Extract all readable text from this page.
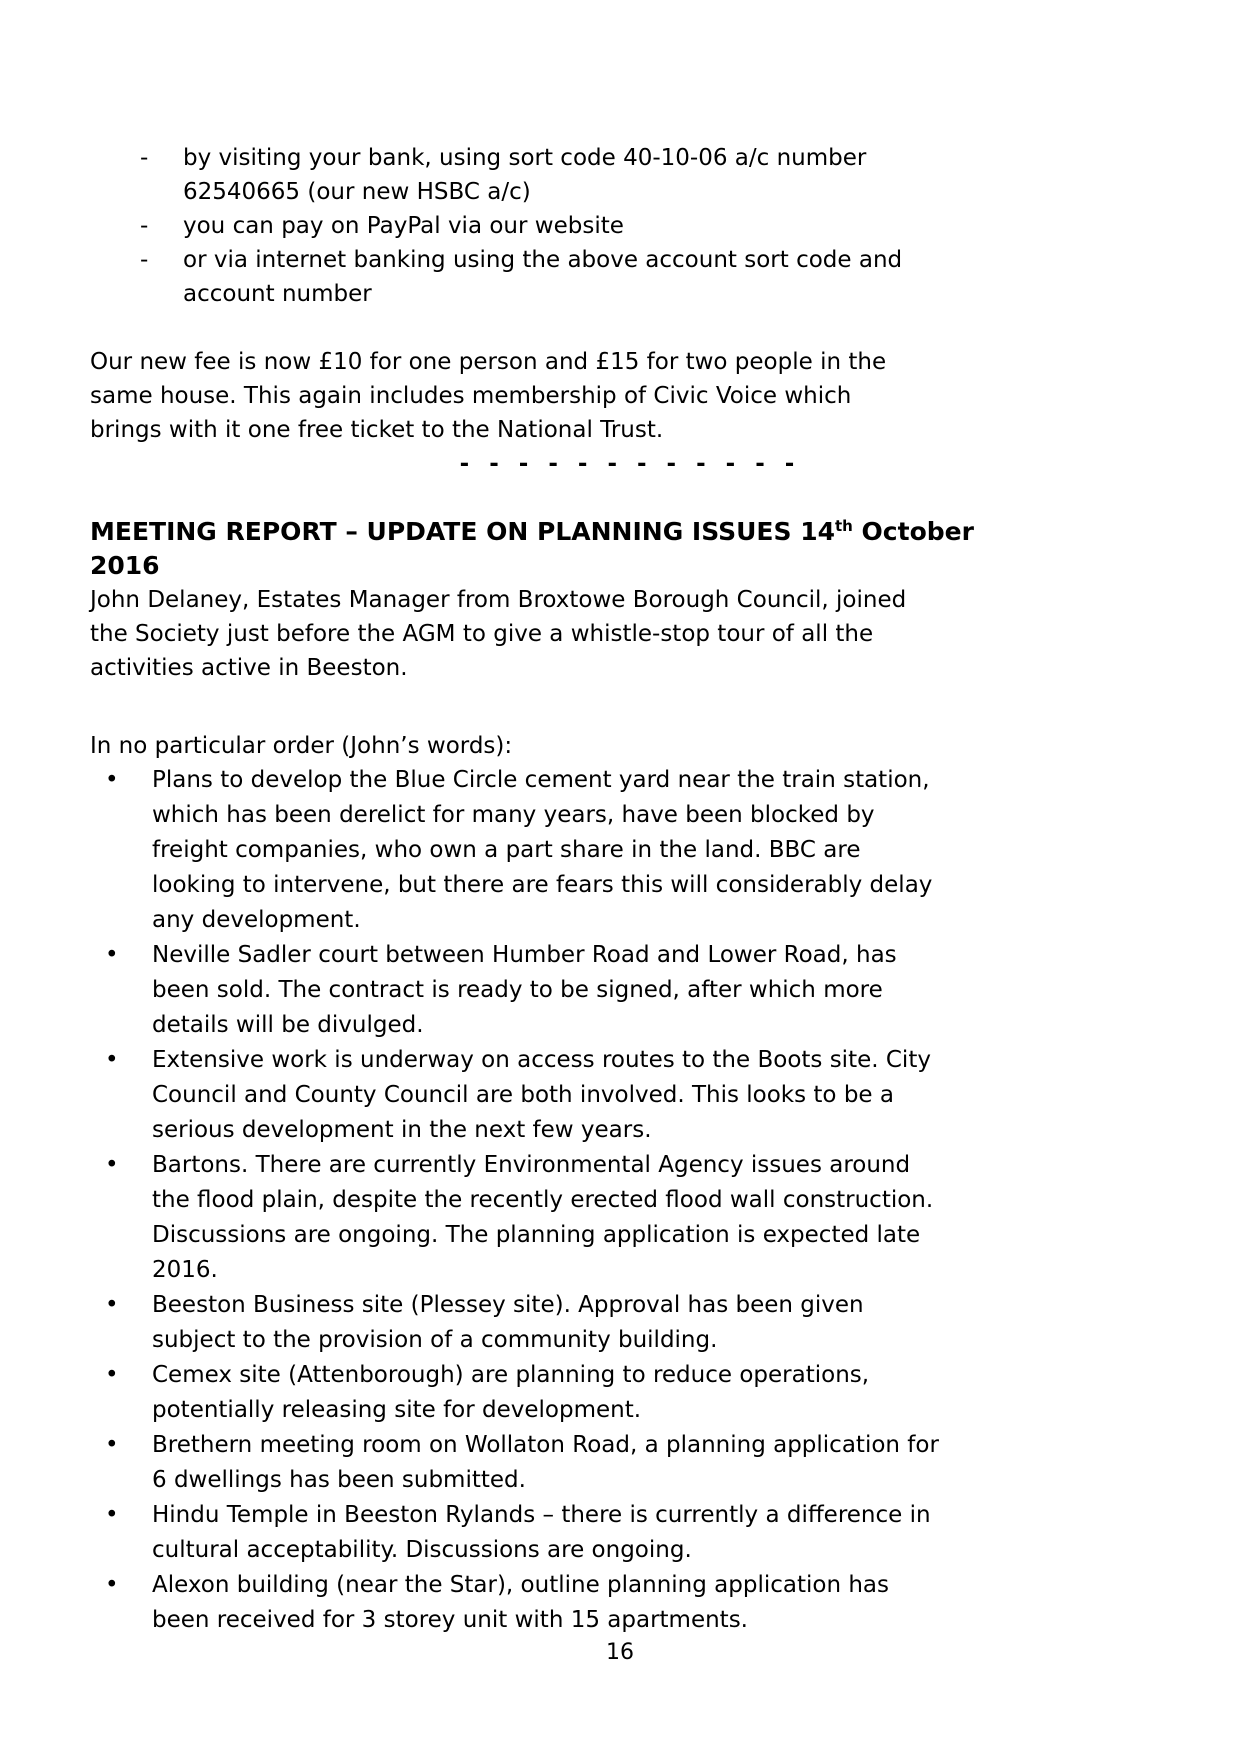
- by visiting your bank, using sort code 40-10-06 a/c number
62540665 (our new HSBC a/c)
- you can pay on PayPal via our website
- or via internet banking using the above account sort code and
account number
Our new fee is now £10 for one person and £15 for two people in the
same house. This again includes membership of Civic Voice which
brings with it one free ticket to the National Trust.
- - - - - - - - - - - -
MEETING REPORT – UPDATE ON PLANNING ISSUES 14th October
2016
John Delaney, Estates Manager from Broxtowe Borough Council, joined
the Society just before the AGM to give a whistle-stop tour of all the
activities active in Beeston.
In no particular order (John’s words):
• Plans to develop the Blue Circle cement yard near the train station,
which has been derelict for many years, have been blocked by
freight companies, who own a part share in the land. BBC are
looking to intervene, but there are fears this will considerably delay
any development.
• Neville Sadler court between Humber Road and Lower Road, has
been sold. The contract is ready to be signed, after which more
details will be divulged.
• Extensive work is underway on access routes to the Boots site. City
Council and County Council are both involved. This looks to be a
serious development in the next few years.
• Bartons. There are currently Environmental Agency issues around
the flood plain, despite the recently erected flood wall construction.
Discussions are ongoing. The planning application is expected late
2016.
• Beeston Business site (Plessey site). Approval has been given
subject to the provision of a community building.
• Cemex site (Attenborough) are planning to reduce operations,
potentially releasing site for development.
• Brethern meeting room on Wollaton Road, a planning application for
6 dwellings has been submitted.
• Hindu Temple in Beeston Rylands – there is currently a difference in
cultural acceptability. Discussions are ongoing.
• Alexon building (near the Star), outline planning application has
been received for 3 storey unit with 15 apartments.
16
